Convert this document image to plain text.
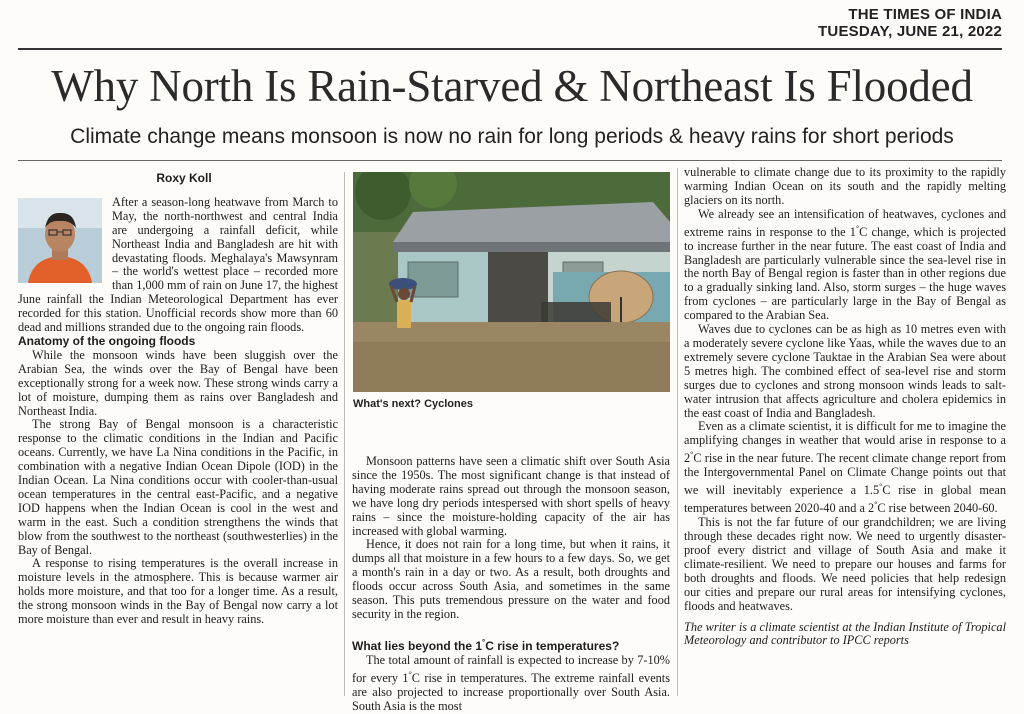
THE TIMES OF INDIA
TUESDAY, JUNE 21, 2022
Why North Is Rain-Starved & Northeast Is Flooded
Climate change means monsoon is now no rain for long periods & heavy rains for short periods
Roxy Koll

After a season-long heatwave from March to May, the north-northwest and central India are undergoing a rainfall deficit, while Northeast India and Bangladesh are hit with devastating floods. Meghalaya's Mawsynram – the world's wettest place – recorded more than 1,000 mm of rain on June 17, the highest June rainfall the Indian Meteorological Department has ever recorded for this station. Unofficial records show more than 60 dead and millions stranded due to the ongoing rain floods.

Anatomy of the ongoing floods

While the monsoon winds have been sluggish over the Arabian Sea, the winds over the Bay of Bengal have been exceptionally strong for a week now. These strong winds carry a lot of moisture, dumping them as rains over Bangladesh and Northeast India.

The strong Bay of Bengal monsoon is a characteristic response to the climatic conditions in the Indian and Pacific oceans. Currently, we have La Nina conditions in the Pacific, in combination with a negative Indian Ocean Dipole (IOD) in the Indian Ocean. La Nina conditions occur with cooler-than-usual ocean temperatures in the central east-Pacific, and a negative IOD happens when the Indian Ocean is cool in the west and warm in the east. Such a condition strengthens the winds that blow from the southwest to the northeast (southwesterlies) in the Bay of Bengal.

A response to rising temperatures is the overall increase in moisture levels in the atmosphere. This is because warmer air holds more moisture, and that too for a longer time. As a result, the strong monsoon winds in the Bay of Bengal now carry a lot more moisture than ever and result in heavy rains.

What's next? Cyclones

Monsoon patterns have seen a climatic shift over South Asia since the 1950s. The most significant change is that instead of having moderate rains spread out through the monsoon season, we have long dry periods intespersed with short spells of heavy rains – since the moisture-holding capacity of the air has increased with global warming.

Hence, it does not rain for a long time, but when it rains, it dumps all that moisture in a few hours to a few days. So, we get a month's rain in a day or two. As a result, both droughts and floods occur across South Asia, and sometimes in the same season. This puts tremendous pressure on the water and food security in the region.

What lies beyond the 1°C rise in temperatures?

The total amount of rainfall is expected to increase by 7-10% for every 1°C rise in temperatures. The extreme rainfall events are also projected to increase proportionally over South Asia. South Asia is the most

vulnerable to climate change due to its proximity to the rapidly warming Indian Ocean on its south and the rapidly melting glaciers on its north.

We already see an intensification of heatwaves, cyclones and extreme rains in response to the 1°C change, which is projected to increase further in the near future. The east coast of India and Bangladesh are particularly vulnerable since the sea-level rise in the north Bay of Bengal region is faster than in other regions due to a gradually sinking land. Also, storm surges – the huge waves from cyclones – are particularly large in the Bay of Bengal as compared to the Arabian Sea.

Waves due to cyclones can be as high as 10 metres even with a moderately severe cyclone like Yaas, while the waves due to an extremely severe cyclone Tauktae in the Arabian Sea were about 5 metres high. The combined effect of sea-level rise and storm surges due to cyclones and strong monsoon winds leads to salt-water intrusion that affects agriculture and cholera epidemics in the east coast of India and Bangladesh.

Even as a climate scientist, it is difficult for me to imagine the amplifying changes in weather that would arise in response to a 2°C rise in the near future. The recent climate change report from the Intergovernmental Panel on Climate Change points out that we will inevitably experience a 1.5°C rise in global mean temperatures between 2020-40 and a 2°C rise between 2040-60.

This is not the far future of our grandchildren; we are living through these decades right now. We need to urgently disaster-proof every district and village of South Asia and make it climate-resilient. We need to prepare our houses and farms for both droughts and floods. We need policies that help redesign our cities and prepare our rural areas for intensifying cyclones, floods and heatwaves.

The writer is a climate scientist at the Indian Institute of Tropical Meteorology and contributor to IPCC reports
